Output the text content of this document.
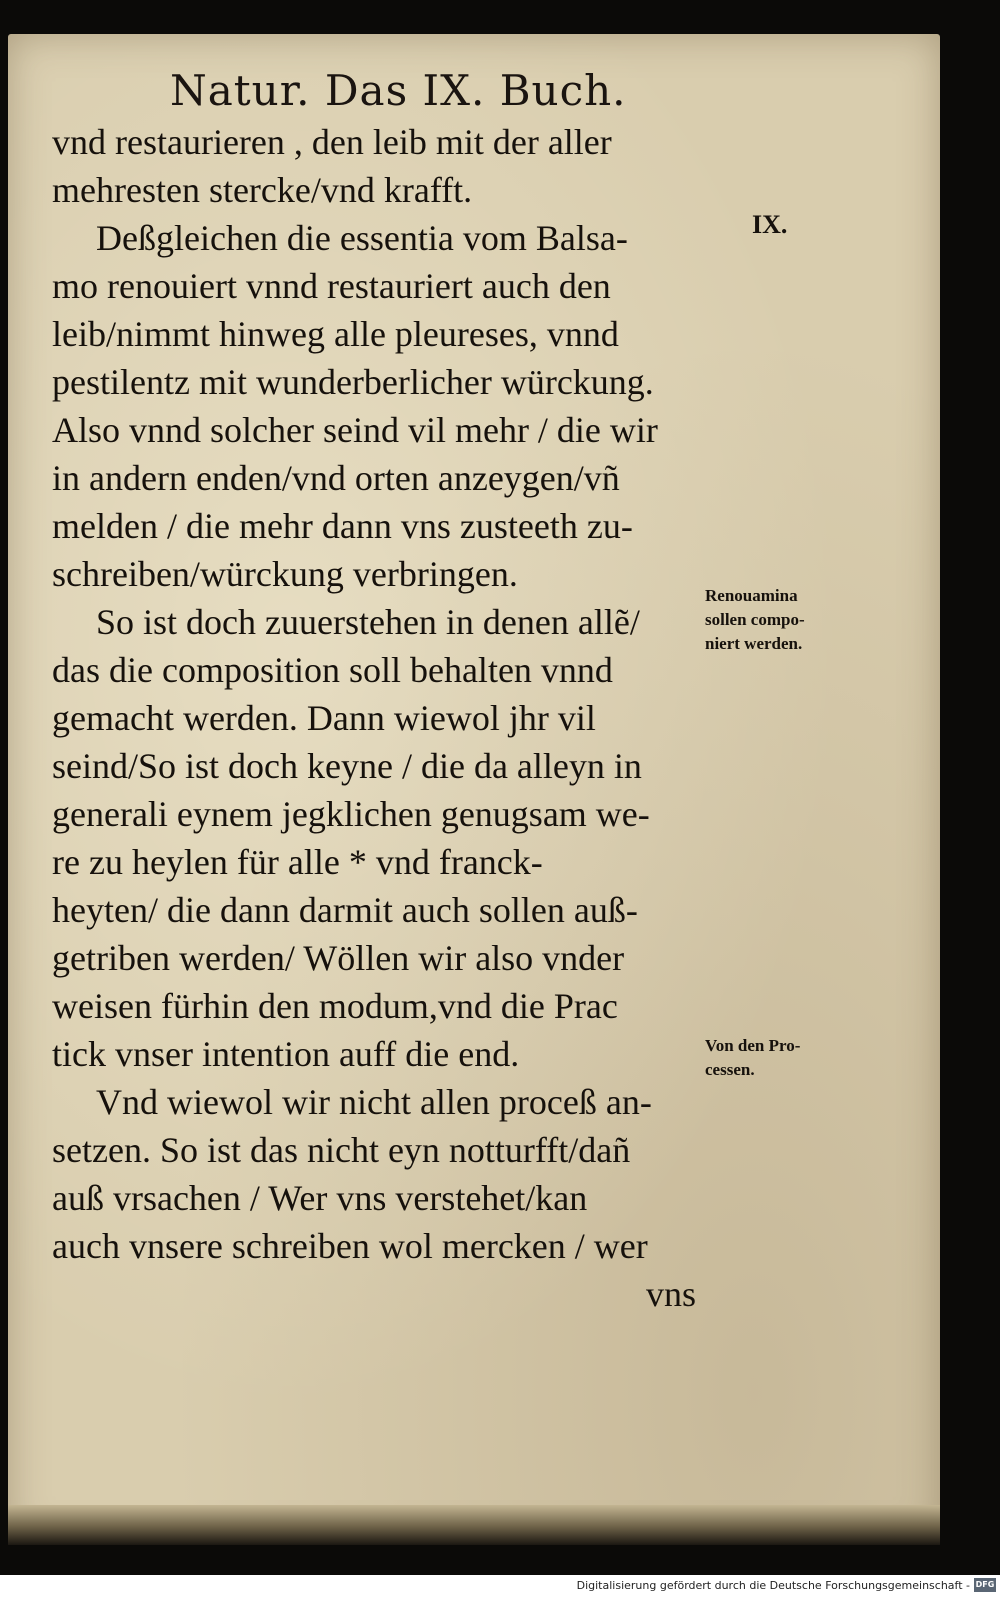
Natur. Das IX. Buch.
vnd restaurieren , den leib mit der aller
mehresten stercke/vnd krafft.
Deßgleichen die essentia vom Balsa-
mo renouiert vnnd restauriert auch den
leib/nimmt hinweg alle pleureses, vnnd
pestilentz mit wunderberlicher würckung.
Also vnnd solcher seind vil mehr / die wir
in andern enden/vnd orten anzeygen/vñ
melden / die mehr dann vns zusteeth zu-
schreiben/würckung verbringen.
So ist doch zuuerstehen in denen allẽ/
das die composition soll behalten vnnd
gemacht werden. Dann wiewol jhr vil
seind/So ist doch keyne / die da alleyn in
generali eynem jegklichen genugsam we-
re zu heylen für alle * vnd franck-
heyten/ die dann darmit auch sollen auß-
getriben werden/ Wöllen wir also vnder
weisen fürhin den modum,vnd die Prac
tick vnser intention auff die end.
Vnd wiewol wir nicht allen proceß an-
setzen. So ist das nicht eyn notturfft/dañ
auß vrsachen / Wer vns verstehet/kan
auch vnsere schreiben wol mercken / wer
vns
IX.
Renouamina
sollen compo-
niert werden.
Von den Pro-
cessen.
Digitalisierung gefördert durch die Deutsche Forschungsgemeinschaft - DFG
